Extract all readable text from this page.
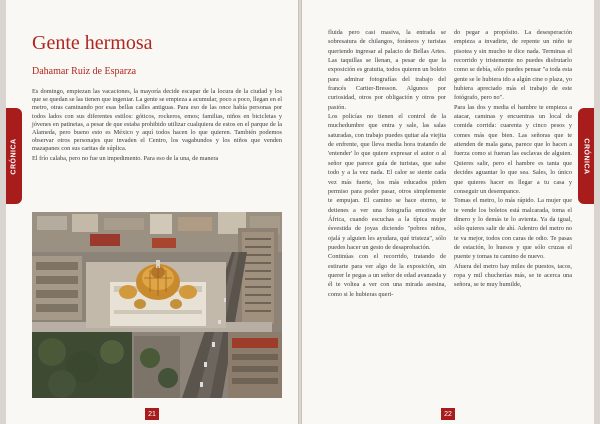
CRÓNICA
Gente hermosa
Dahamar Ruiz de Esparza

Es domingo, empiezan las vacaciones, la mayoría decide escapar de la locura de la ciudad y los que se quedan se las tienen que ingeniar. La gente se empieza a acumular, poco a poco, llegan en el metro, otras caminando por esas bellas calles antiguas. Para eso de las once había personas por todos lados con sus diferentes estilos: góticos, rockeros, emos; familias, niños en bicicletas y jóvenes en patinetas, a pesar de que estaba prohibido utilizar cualquiera de estos en el parque de la Alameda, pero bueno esto es México y aquí todos hacen lo que quieren. También podemos observar otros personajes que invaden el Centro, los vagabundos y los niños que venden mazapanes con sus caritas de súplica.

El frío calaba, pero no fue un impedimento. Para eso de la una, de manera

21

fluida pero casi masiva, la entrada se sobresatura de chilangos, foráneos y turistas queriendo ingresar al palacio de Bellas Artes. Las taquillas se llenan, a pesar de que la exposición es gratuita, todos quieren un boleto para admirar fotografías del trabajo del francés Cartier-Bresson. Algunos por curiosidad, otros por obligación y otros por pasión.

Los policías no tienen el control de la muchedumbre que entra y sale, las salas saturadas, con trabajo puedes quitar ala viejita de enfrente, que lleva media hora tratando de 'entender' lo que quiere expresar el autor o al señor que parece guía de turistas, que sabe todo y a la vez nada. El calor se siente cada vez más fuerte, los más educados piden permiso para poder pasar, otros simplemente te empujan. El camino se hace eterno, te detienes a ver una fotografía emotiva de África, cuando escuchas a la típica mujer ésvestida de joyas diciendo "pobres niños, ojalá y alguien les ayudara, qué tristeza", sólo puedes hacer un gesto de desaprobación.

Continúas con el recorrido, tratando de estirarte para ver algo de la exposición, sin querer le pegas a un señor de edad avanzada y él te voltea a ver con una mirada asesina, como si le hubieras queri-

do pegar a propósito. La desesperación empieza a invadirte, de repente un niño te pisotea y sin mucho te dice nada. Terminas el recorrido y tristemente no puedes disfrutarlo como se debía, sólo puedes pensar "a toda esta gente se le hubiera ido a algún cine o plaza, yo hubiera apreciado más el trabajo de este fotógrafo, pero no".

Para las dos y media el hambre te empieza a atacar, caminas y encuentras un local de comida corrida: cuarenta y cinco pesos y comes más que bien. Las señoras que te atienden de mala gana, parece que lo hacen a fuerza como si fueran las esclavas de alguien. Quieres salir, pero el hambre es tanta que decides aguantar lo que sea. Sales, lo único que quieres hacer es llegar a tu casa y conseguir un desempance.

Tomas el metro, lo más rápido. La mujer que te vende los boletos está malcarada, toma el dinero y lo demás te lo avienta. Ya da igual, sólo quieres salir de ahí. Adentro del metro no te va mejor, todos con caras de odio. Te pasas de estación, lo huesos y que sólo cruzas el puente y tomas tu camino de nuevo.

Afuera del metro hay miles de puestos, tacos, ropa y mil chucherías más, se te acerca una señora, se te muy humilde,

CRÓNICA
22
